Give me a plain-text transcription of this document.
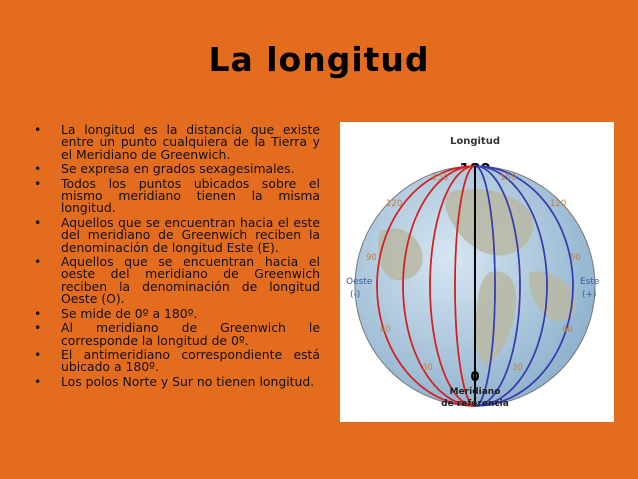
La longitud
• La longitud es la distancia que existe entre un punto cualquiera de la Tierra y el Meridiano de Greenwich.
• Se expresa en grados sexagesimales.
• Todos los puntos ubicados sobre el mismo meridiano tienen la misma longitud.
• Aquellos que se encuentran hacia el este del meridiano de Greenwich reciben la denominación de longitud Este (E).
• Aquellos que se encuentran hacia el oeste del meridiano de Greenwich reciben la denominación de longitud Oeste (O).
• Se mide de 0º a 180º.
• Al meridiano de Greenwich le corresponde la longitud de 0º.
• El antimeridiano correspondiente está ubicado a 180º.
• Los polos Norte y Sur no tienen longitud.
Longitud
150
120
90
60
30
150
120
90
60
30
Oeste
(-)
Este
(+)
0
Meridiano
de referencia
